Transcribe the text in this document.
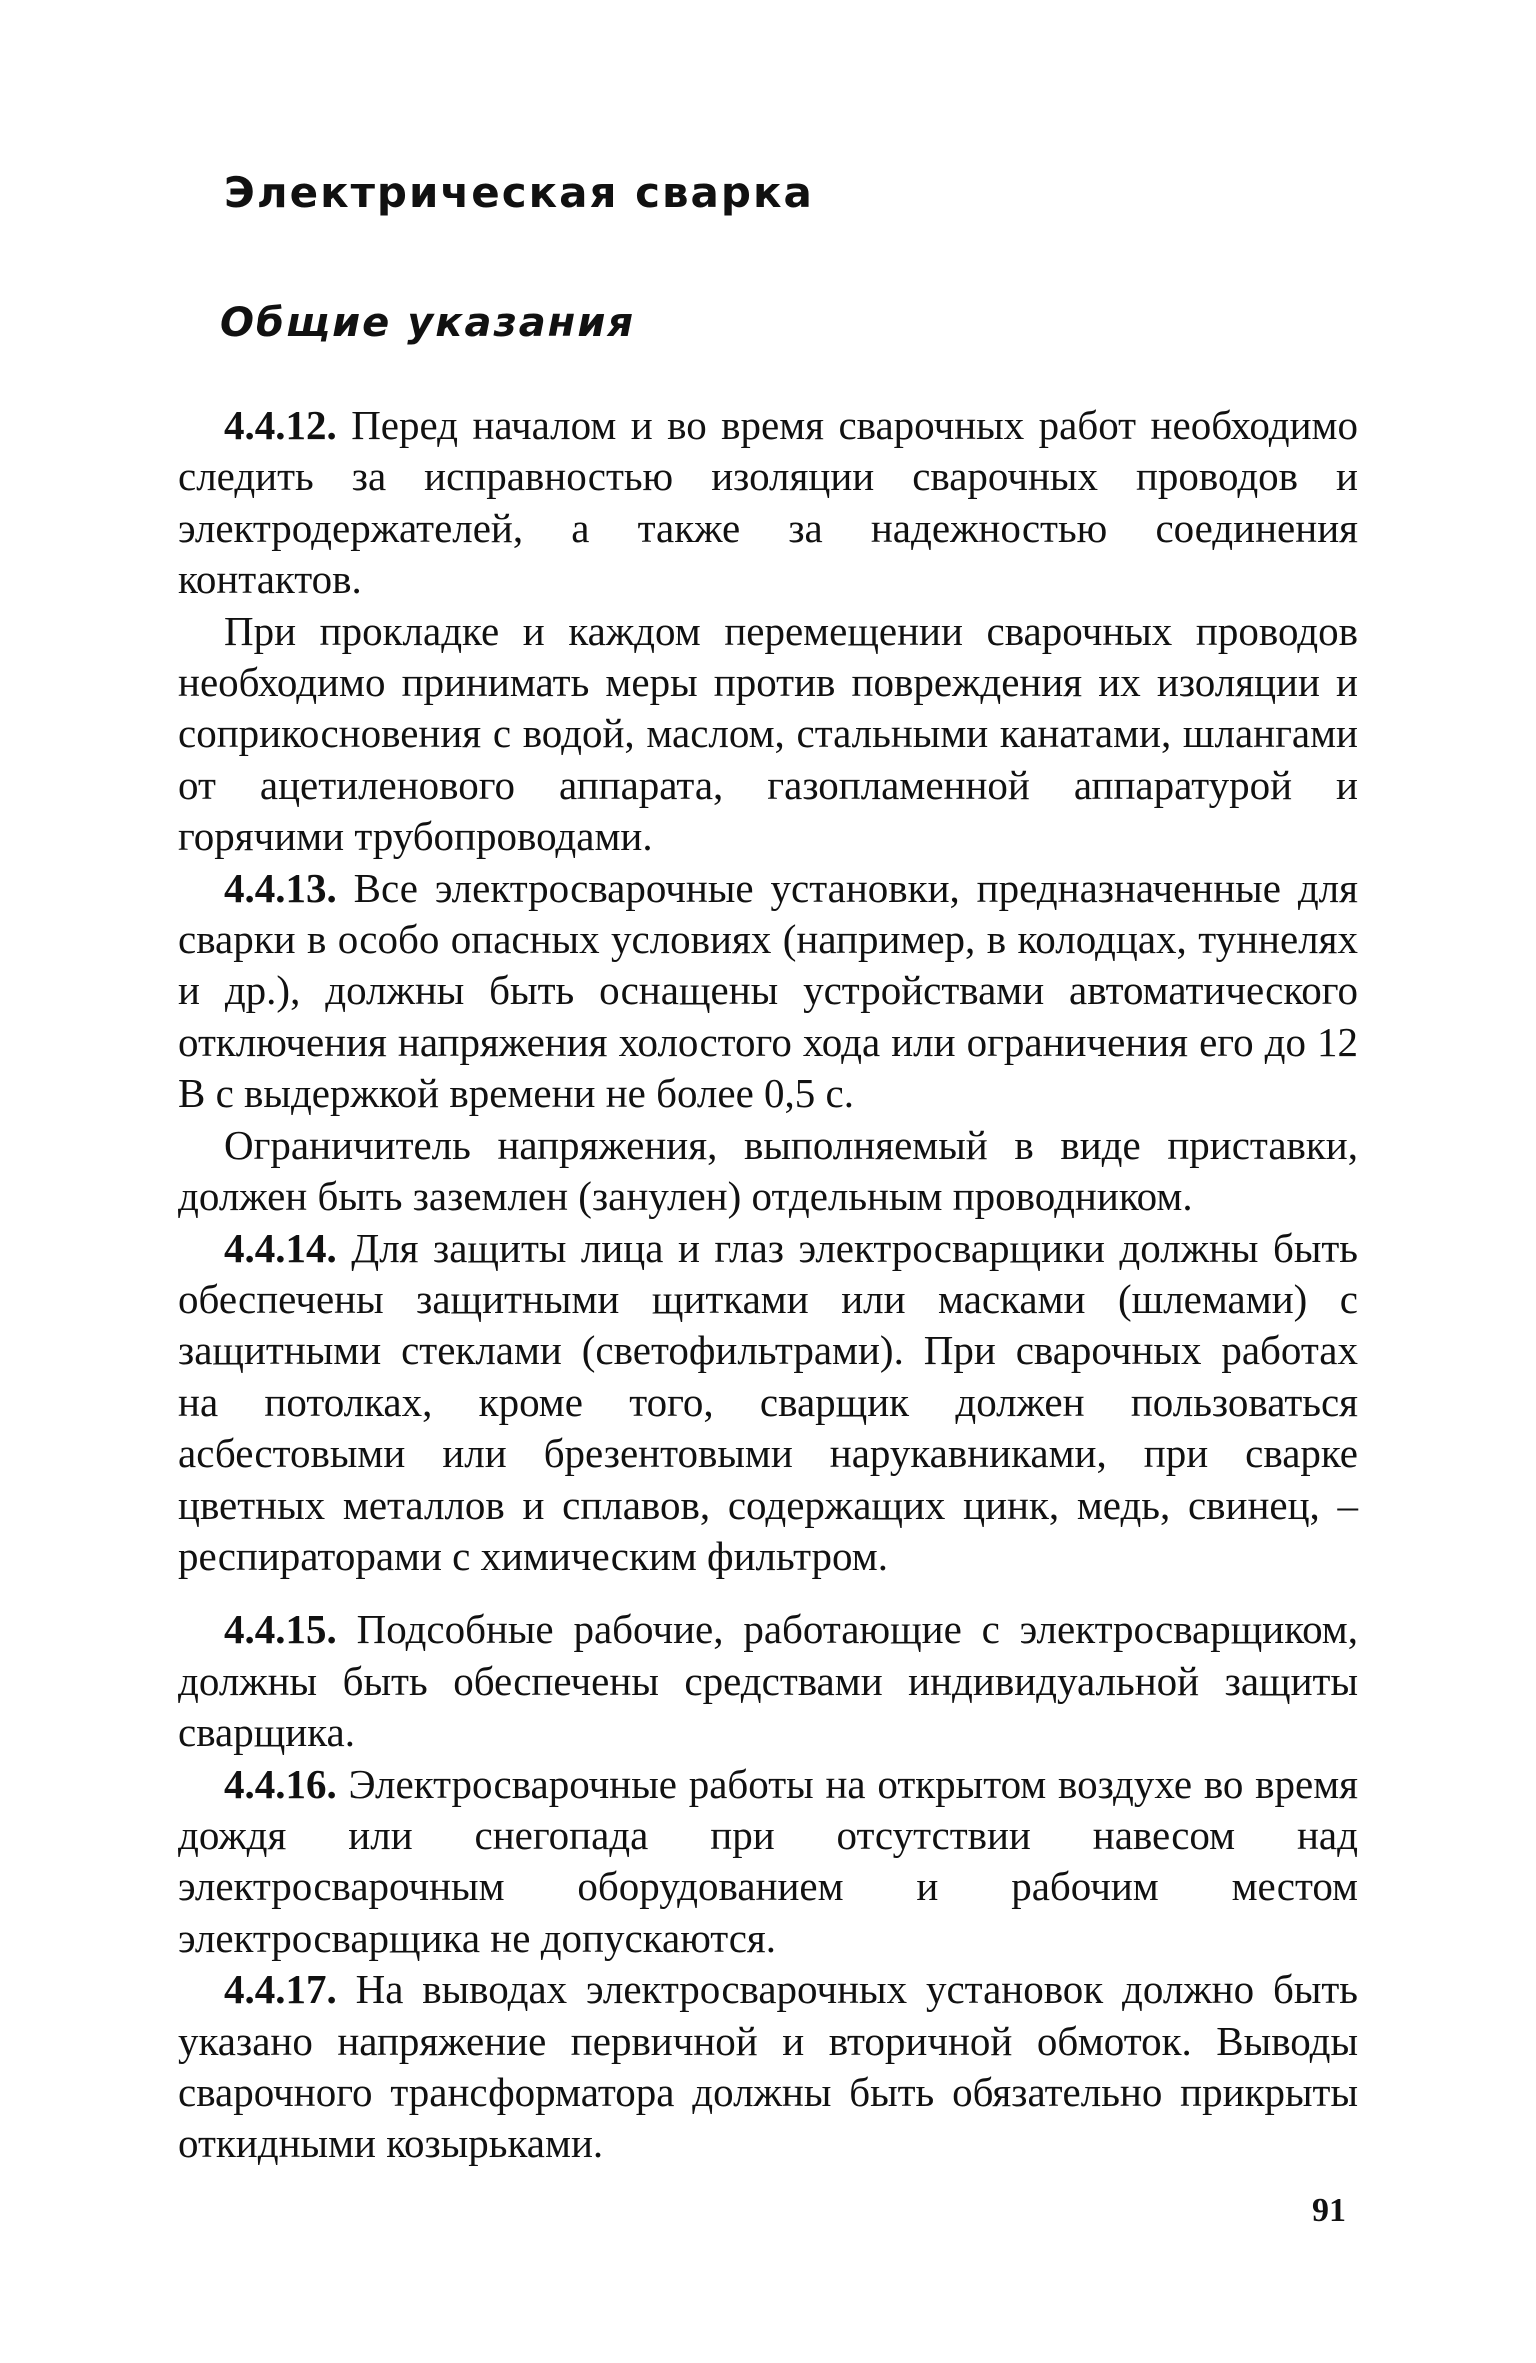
Электрическая сварка
Общие указания

4.4.12. Перед началом и во время сварочных работ необходимо следить за исправностью изоляции сварочных проводов и электродержателей, а также за надежностью соединения контактов.

При прокладке и каждом перемещении сварочных проводов необходимо принимать меры против повреждения их изоляции и соприкосновения с водой, маслом, стальными канатами, шлангами от ацетиленового аппарата, газопламенной аппаратурой и горячими трубопроводами.

4.4.13. Все электросварочные установки, предназначенные для сварки в особо опасных условиях (например, в колодцах, туннелях и др.), должны быть оснащены устройствами автоматического отключения напряжения холостого хода или ограничения его до 12 В с выдержкой времени не более 0,5 с.

Ограничитель напряжения, выполняемый в виде приставки, должен быть заземлен (занулен) отдельным проводником.

4.4.14. Для защиты лица и глаз электросварщики должны быть обеспечены защитными щитками или масками (шлемами) с защитными стеклами (светофильтрами). При сварочных работах на потолках, кроме того, сварщик должен пользоваться асбестовыми или брезентовыми нарукавниками, при сварке цветных металлов и сплавов, содержащих цинк, медь, свинец, – респираторами с химическим фильтром.

4.4.15. Подсобные рабочие, работающие с электросварщиком, должны быть обеспечены средствами индивидуальной защиты сварщика.

4.4.16. Электросварочные работы на открытом воздухе во время дождя или снегопада при отсутствии навесом над электросварочным оборудованием и рабочим местом электросварщика не допускаются.

4.4.17. На выводах электросварочных установок должно быть указано напряжение первичной и вторичной обмоток. Выводы сварочного трансформатора должны быть обязательно прикрыты откидными козырьками.

91
